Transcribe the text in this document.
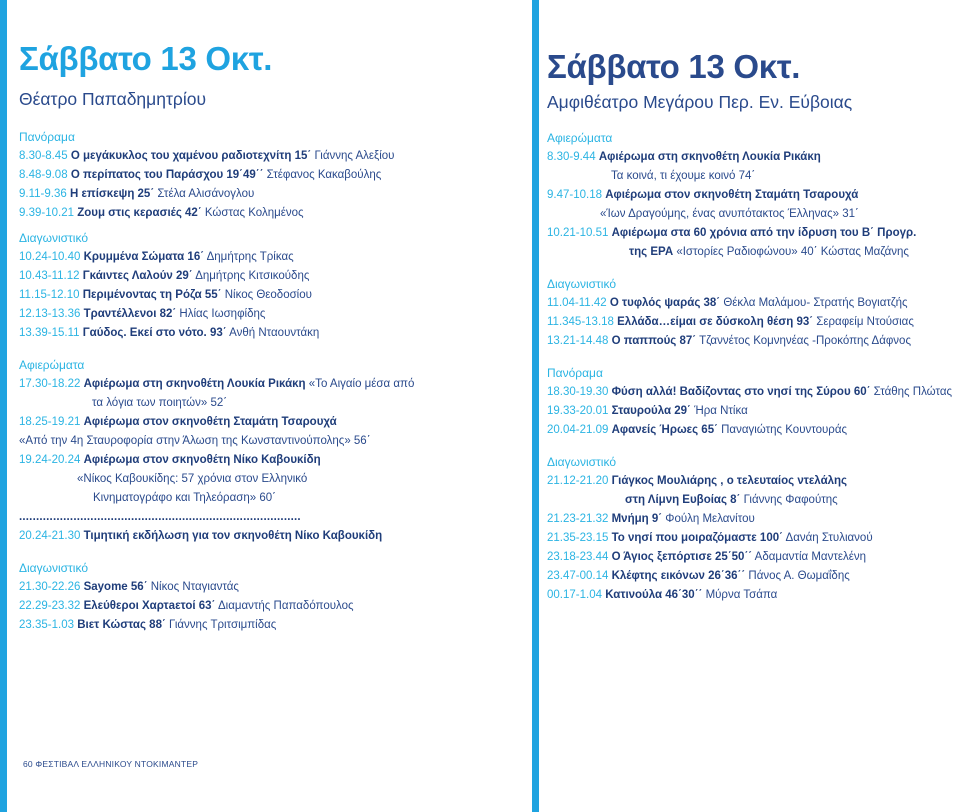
Σάββατο 13 Οκτ.
Θέατρο Παπαδημητρίου
Πανόραμα
8.30-8.45 Ο μεγάκυκλος του χαμένου ραδιοτεχνίτη 15΄ Γιάννης Αλεξίου
8.48-9.08 Ο περίπατος του Παράσχου 19΄49΄΄ Στέφανος Κακαβούλης
9.11-9.36 Η επίσκεψη 25΄ Στέλα Αλισάνογλου
9.39-10.21 Ζουμ στις κερασιές 42΄ Κώστας Κολημένος
Διαγωνιστικό
10.24-10.40 Κρυμμένα Σώματα 16΄ Δημήτρης Τρίκας
10.43-11.12 Γκάιντες Λαλούν 29΄ Δημήτρης Κιτσικούδης
11.15-12.10 Περιμένοντας τη Ρόζα 55΄ Νίκος Θεοδοσίου
12.13-13.36 Τραντέλλενοι 82΄ Ηλίας Ιωσηφίδης
13.39-15.11 Γαύδος. Εκεί στο νότο. 93΄ Ανθή Νταουντάκη
Αφιερώματα
17.30-18.22 Αφιέρωμα στη σκηνοθέτη Λουκία Ρικάκη «Το Αιγαίο μέσα από
τα λόγια των ποιητών» 52΄
18.25-19.21 Αφιέρωμα στον σκηνοθέτη Σταμάτη Τσαρουχά
«Από την 4η Σταυροφορία στην Άλωση της Κωνσταντινούπολης» 56΄
19.24-20.24 Αφιέρωμα στον σκηνοθέτη Νίκο Καβουκίδη
«Νίκος Καβουκίδης: 57 χρόνια στον Ελληνικό
Κινηματογράφο και Τηλεόραση» 60΄
...................................................................................
20.24-21.30 Τιμητική εκδήλωση για τον σκηνοθέτη Νίκο Καβουκίδη
Διαγωνιστικό
21.30-22.26 Sayome 56΄ Νίκος Νταγιαντάς
22.29-23.32 Ελεύθεροι Χαρτaετοί 63΄ Διαμαντής Παπαδόπουλος
23.35-1.03 Βιετ Κώστας 88΄ Γιάννης Τριτσιμπίδας
Σάββατο 13 Οκτ.
Αμφιθέατρο Μεγάρου Περ. Εν. Εύβοιας
Αφιερώματα
8.30-9.44 Αφιέρωμα στη σκηνοθέτη Λουκία Ρικάκη
Τα κοινά, τι έχουμε κοινό 74΄
9.47-10.18 Αφιέρωμα στον σκηνοθέτη Σταμάτη Τσαρουχά
«Ίων Δραγούμης, ένας ανυπότακτος Έλληνας» 31΄
10.21-10.51 Αφιέρωμα στα 60 χρόνια από την ίδρυση του Β΄ Προγρ.
της ΕΡΑ «Ιστορίες Ραδιοφώνου» 40΄ Κώστας Μαζάνης
Διαγωνιστικό
11.04-11.42 Ο τυφλός ψαράς 38΄ Θέκλα Μαλάμου- Στρατής Βογιατζής
11.345-13.18 Ελλάδα…είμαι σε δύσκολη θέση 93΄ Σεραφείμ Ντούσιας
13.21-14.48 Ο παππούς 87΄ Τζαννέτος Κομνηνέας -Προκόπης Δάφνος
Πανόραμα
18.30-19.30 Φύση αλλά! Βαδίζοντας στο νησί της Σύρου 60΄ Στάθης Πλώτας
19.33-20.01 Σταυρούλα 29΄ Ήρα Ντίκα
20.04-21.09 Αφανείς Ήρωες 65΄ Παναγιώτης Κουντουράς
Διαγωνιστικό
21.12-21.20 Γιάγκος Μουλιάρης , ο τελευταίος ντελάλης
στη Λίμνη Ευβοίας 8΄ Γιάννης Φαφούτης
21.23-21.32 Μνήμη 9΄ Φούλη Μελανίτου
21.35-23.15 Το νησί που μοιραζόμαστε 100΄ Δανάη Στυλιανού
23.18-23.44 Ο Άγιος ξεπόρτισε 25΄50΄΄ Αδαμαντία Μαντελένη
23.47-00.14 Κλέφτης εικόνων 26΄36΄΄ Πάνος Α. Θωμαΐδης
00.17-1.04 Κατινούλα 46΄30΄΄ Μύρνα Τσάπα
60 ΦΕΣΤΙΒΑΛ ΕΛΛΗΝΙΚΟΥ ΝΤΟΚΙΜΑΝΤΕΡ
